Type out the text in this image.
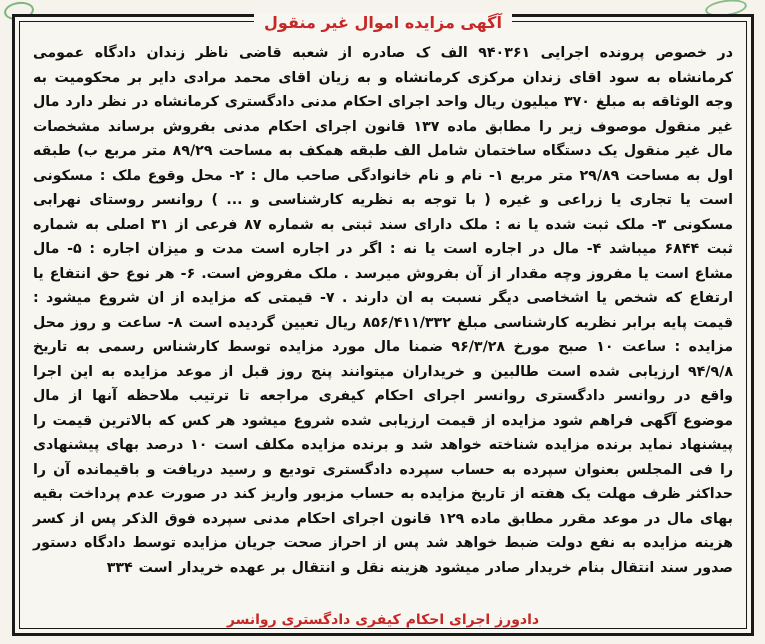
آگهی مزایده اموال غیر منقول

در خصوص پرونده اجرایی ۹۴۰۳۶۱ الف ک صادره از شعبه قاضی ناظر زندان دادگاه عمومی کرمانشاه به سود اقای زندان مرکزی کرمانشاه و به زیان اقای محمد مرادی دایر بر محکومیت به وجه الوثاقه به مبلغ ۳۷۰ میلیون ریال واحد اجرای احکام مدنی دادگستری کرمانشاه در نظر دارد مال غیر منقول موصوف زیر را مطابق ماده ۱۳۷ قانون اجرای احکام مدنی بفروش برساند مشخصات مال غیر منقول یک دستگاه ساختمان شامل الف طبقه همکف به مساحت ۸۹/۲۹ متر مربع ب) طبقه اول به مساحت ۲۹/۸۹ متر مربع ۱- نام و نام خانوادگی صاحب مال : ۲- محل وقوع ملک : مسکونی است یا تجاری یا زراعی و غیره ( با توجه به نظریه کارشناسی و ... ) روانسر روستای نهرابی مسکونی ۳- ملک ثبت شده یا نه : ملک دارای سند ثبتی به شماره ۸۷ فرعی از ۳۱ اصلی به شماره ثبت ۶۸۴۴ میباشد ۴- مال در اجاره است یا نه : اگر در اجاره است مدت و میزان اجاره : ۵- مال مشاع است یا مفروز وچه مقدار از آن بفروش میرسد . ملک مفروض است. ۶- هر نوع حق انتفاع یا ارتفاع که شخص یا اشخاصی دیگر نسبت به ان دارند . ۷- قیمتی که مزایده از ان شروع میشود : قیمت پایه برابر نظریه کارشناسی مبلغ ۸۵۶/۴۱۱/۳۳۲ ریال تعیین گردیده است ۸- ساعت و روز محل مزایده : ساعت ۱۰ صبح مورخ ۹۶/۳/۲۸ ضمنا مال مورد مزایده توسط کارشناس رسمی به تاریخ ۹۴/۹/۸ ارزیابی شده است طالبین و خریداران میتوانند پنج روز قبل از موعد مزایده به این اجرا واقع در روانسر دادگستری روانسر اجرای احکام کیفری مراجعه تا ترتیب ملاحظه آنها از مال موضوع آگهی فراهم شود مزایده از قیمت ارزیابی شده شروع میشود هر کس که بالاترین قیمت را پیشنهاد نماید برنده مزایده شناخته خواهد شد و برنده مزایده مکلف است ۱۰ درصد بهای پیشنهادی را فی المجلس بعنوان سپرده به حساب سپرده دادگستری تودیع و رسید دریافت و باقیمانده آن را حداکثر ظرف مهلت یک هفته از تاریخ مزایده به حساب مزبور واریز کند در صورت عدم پرداخت بقیه بهای مال در موعد مقرر مطابق ماده ۱۲۹ قانون اجرای احکام مدنی سپرده فوق الذکر پس از کسر هزینه مزایده به نفع دولت ضبط خواهد شد پس از احراز صحت جریان مزایده توسط دادگاه دستور صدور سند انتقال بنام خریدار صادر میشود هزینه نقل و انتقال بر عهده خریدار است ۳۳۴

دادورز اجرای احکام کیفری دادگستری روانسر
